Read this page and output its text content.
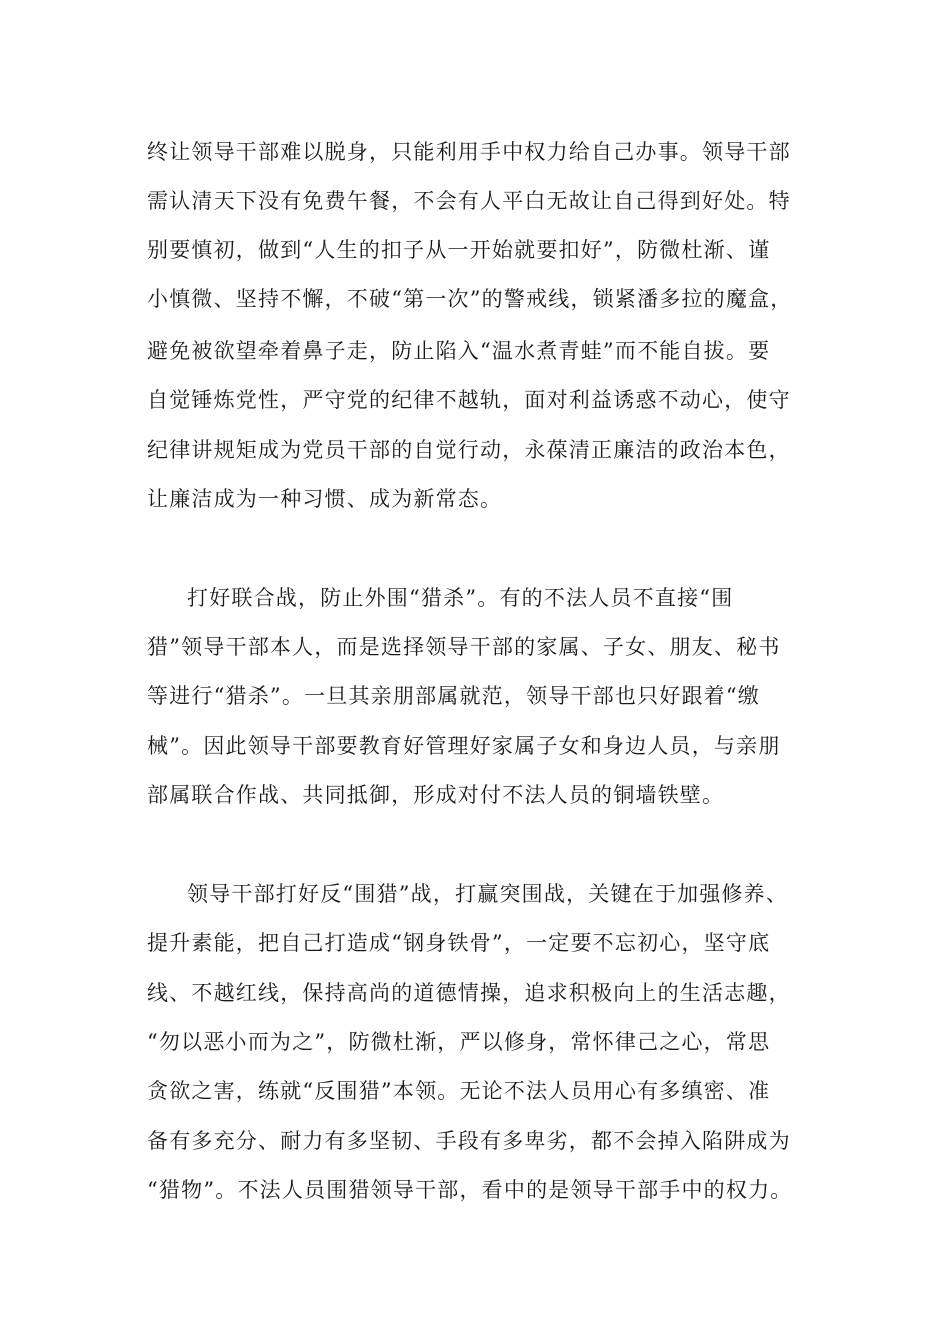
终让领导干部难以脱身，只能利用手中权力给自己办事。领导干部
需认清天下没有免费午餐，不会有人平白无故让自己得到好处。特
别要慎初，做到“人生的扣子从一开始就要扣好”，防微杜渐、谨
小慎微、坚持不懈，不破“第一次”的警戒线，锁紧潘多拉的魔盒，
避免被欲望牵着鼻子走，防止陷入“温水煮青蛙”而不能自拔。要
自觉锤炼党性，严守党的纪律不越轨，面对利益诱惑不动心，使守
纪律讲规矩成为党员干部的自觉行动，永葆清正廉洁的政治本色，
让廉洁成为一种习惯、成为新常态。
打好联合战，防止外围“猎杀”。有的不法人员不直接“围
猎”领导干部本人，而是选择领导干部的家属、子女、朋友、秘书
等进行“猎杀”。一旦其亲朋部属就范，领导干部也只好跟着“缴
械”。因此领导干部要教育好管理好家属子女和身边人员，与亲朋
部属联合作战、共同抵御，形成对付不法人员的铜墙铁壁。
领导干部打好反“围猎”战，打赢突围战，关键在于加强修养、
提升素能，把自己打造成“钢身铁骨”，一定要不忘初心，坚守底
线、不越红线，保持高尚的道德情操，追求积极向上的生活志趣，
“勿以恶小而为之”，防微杜渐，严以修身，常怀律己之心，常思
贪欲之害，练就“反围猎”本领。无论不法人员用心有多缜密、准
备有多充分、耐力有多坚韧、手段有多卑劣，都不会掉入陷阱成为
“猎物”。不法人员围猎领导干部，看中的是领导干部手中的权力。
